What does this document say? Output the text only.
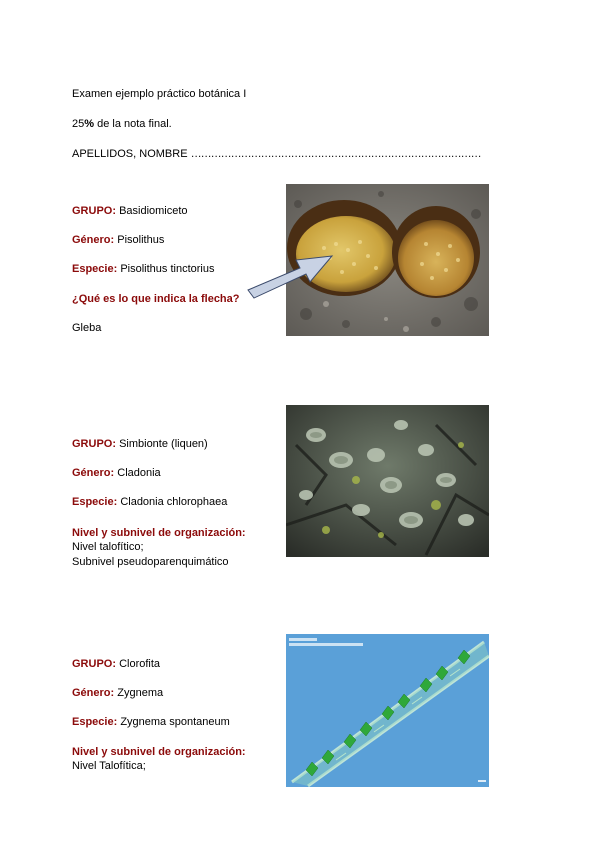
Examen ejemplo práctico botánica I
25% de la nota final.
APELLIDOS, NOMBRE ……………………………………………………………………………
GRUPO: Basidiomiceto
Género: Pisolithus
Especie: Pisolithus tinctorius
¿Qué es lo que indica la flecha?
Gleba
GRUPO: Simbionte (liquen)
Género: Cladonia
Especie: Cladonia chlorophaea
Nivel y subnivel de organización:
Nivel talofítico;
Subnivel pseudoparenquimático
GRUPO: Clorofita
Género: Zygnema
Especie: Zygnema spontaneum
Nivel y subnivel de organización:
Nivel Talofítica;
